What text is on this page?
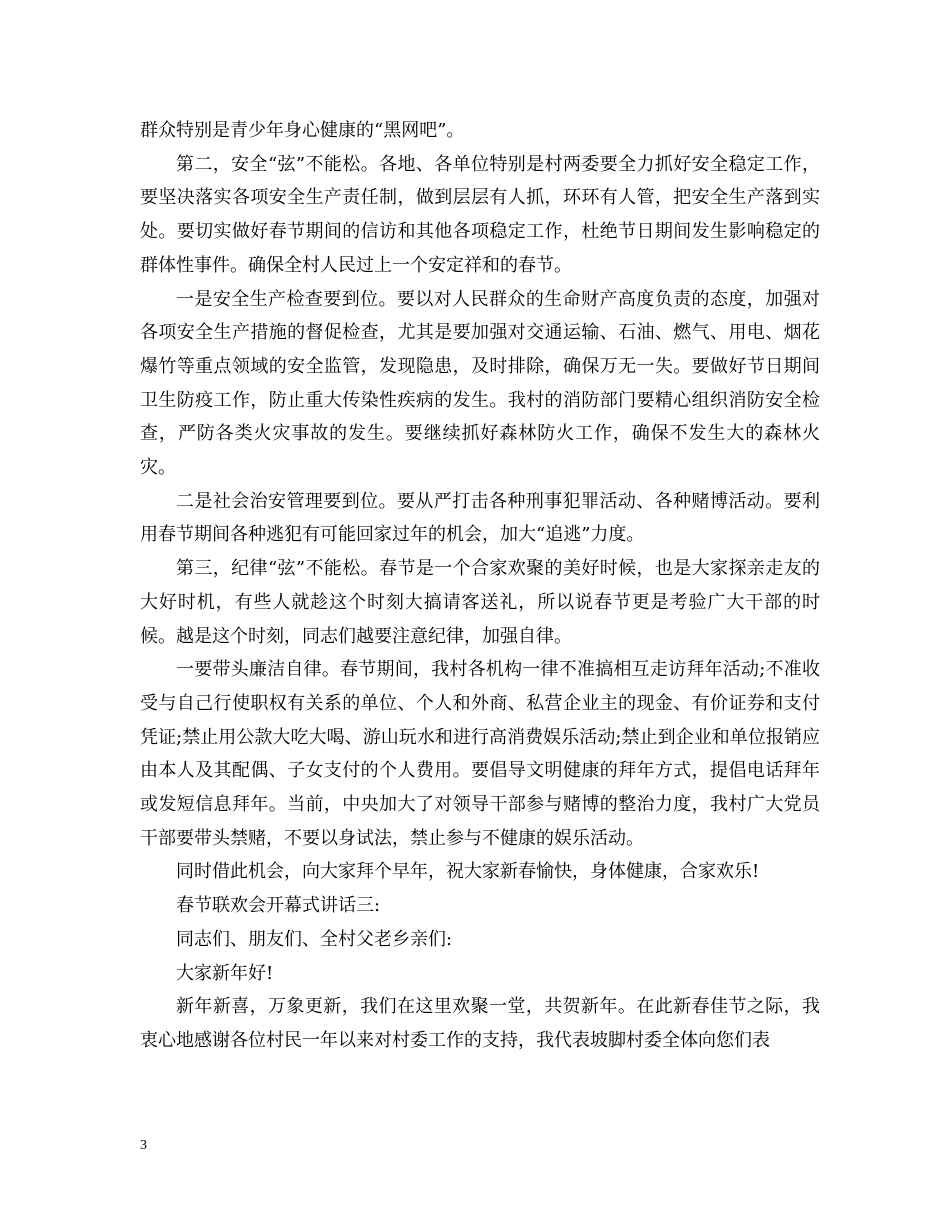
群众特别是青少年身心健康的“黑网吧”。

第二，安全“弦”不能松。各地、各单位特别是村两委要全力抓好安全稳定工作，要坚决落实各项安全生产责任制，做到层层有人抓，环环有人管，把安全生产落到实处。要切实做好春节期间的信访和其他各项稳定工作，杜绝节日期间发生影响稳定的群体性事件。确保全村人民过上一个安定祥和的春节。

一是安全生产检查要到位。要以对人民群众的生命财产高度负责的态度，加强对各项安全生产措施的督促检查，尤其是要加强对交通运输、石油、燃气、用电、烟花爆竹等重点领域的安全监管，发现隐患，及时排除，确保万无一失。要做好节日期间卫生防疫工作，防止重大传染性疾病的发生。我村的消防部门要精心组织消防安全检查，严防各类火灾事故的发生。要继续抓好森林防火工作，确保不发生大的森林火灾。

二是社会治安管理要到位。要从严打击各种刑事犯罪活动、各种赌博活动。要利用春节期间各种逃犯有可能回家过年的机会，加大“追逃”力度。

第三，纪律“弦”不能松。春节是一个合家欢聚的美好时候，也是大家探亲走友的大好时机，有些人就趁这个时刻大搞请客送礼，所以说春节更是考验广大干部的时候。越是这个时刻，同志们越要注意纪律，加强自律。

一要带头廉洁自律。春节期间，我村各机构一律不准搞相互走访拜年活动;不准收受与自己行使职权有关系的单位、个人和外商、私营企业主的现金、有价证券和支付凭证;禁止用公款大吃大喝、游山玩水和进行高消费娱乐活动;禁止到企业和单位报销应由本人及其配偶、子女支付的个人费用。要倡导文明健康的拜年方式，提倡电话拜年或发短信息拜年。当前，中央加大了对领导干部参与赌博的整治力度，我村广大党员干部要带头禁赌，不要以身试法，禁止参与不健康的娱乐活动。

同时借此机会，向大家拜个早年，祝大家新春愉快，身体健康，合家欢乐!

春节联欢会开幕式讲话三:

同志们、朋友们、全村父老乡亲们:

大家新年好!

新年新喜，万象更新，我们在这里欢聚一堂，共贺新年。在此新春佳节之际，我衷心地感谢各位村民一年以来对村委工作的支持，我代表坡脚村委全体向您们表

3
